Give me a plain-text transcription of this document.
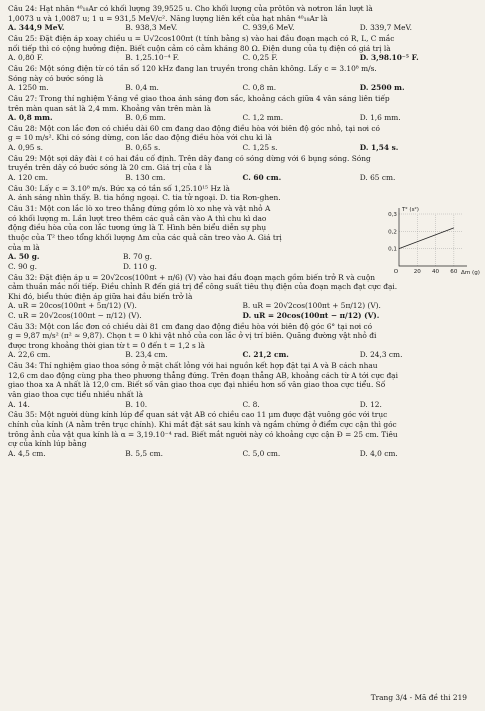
Câu 24: Hạt nhân ⁴⁰₁₈Ar có khối lượng 39,9525 u. Cho khối lượng của prôtôn và nơtron lần lượt là
1,0073 u và 1,0087 u; 1 u = 931,5 MeV/c². Năng lượng liên kết của hạt nhân ⁴⁰₁₈Ar là
A. 344,9 MeV.	B. 938,3 MeV.	C. 939,6 MeV.	D. 339,7 MeV.
Câu 25: Đặt điện áp xoay chiều u = U√2cos100πt (t tính bằng s) vào hai đầu đoạn mạch có R, L, C mắc
nối tiếp thì có cộng hưởng điện. Biết cuộn cảm có cảm kháng 80 Ω. Điện dung của tụ điện có giá trị là
A. 0,80 F.	B. 1,25.10⁻⁴ F.	C. 0,25 F.	D. 3,98.10⁻⁵ F.
Câu 26: Một sóng điện từ có tần số 120 kHz đang lan truyền trong chân không. Lấy c = 3.10⁸ m/s.
Sóng này có bước sóng là
A. 1250 m.	B. 0,4 m.	C. 0,8 m.	D. 2500 m.
Câu 27: Trong thí nghiệm Y-âng về giao thoa ánh sáng đơn sắc, khoảng cách giữa 4 vân sáng liên tiếp
trên màn quan sát là 2,4 mm. Khoảng vân trên màn là
A. 0,8 mm.	B. 0,6 mm.	C. 1,2 mm.	D. 1,6 mm.
Câu 28: Một con lắc đơn có chiều dài 60 cm đang dao động điều hòa với biên độ góc nhỏ, tại nơi có
g = 10 m/s². Khi có sóng dừng, con lắc dao động điều hòa với chu kì là
A. 0,95 s.	B. 0,65 s.	C. 1,25 s.	D. 1,54 s.
Câu 29: Một sợi dây đài ℓ có hai đầu cố định. Trên dây đang có sóng dừng với 6 bụng sóng. Sóng
truyền trên dây có bước sóng là 20 cm. Giá trị của ℓ là
A. 120 cm.	B. 130 cm.	C. 60 cm.	D. 65 cm.
Câu 30: Lấy c = 3.10⁸ m/s. Bức xạ có tần số 1,25.10¹⁵ Hz là
A. ánh sáng nhìn thấy. B. tia hồng ngoại. C. tia tử ngoại. D. tia Rơn-ghen.
Câu 31: Một con lắc lò xo treo thẳng đứng gồm lò xo nhẹ và vật nhỏ A
có khối lượng m. Lần lượt treo thêm các quả cân vào A thì chu kì dao
động điều hòa của con lắc tương ứng là T. Hình bên biểu diễn sự phụ
thuộc của T² theo tổng khối lượng Δm của các quả cân treo vào A. Giá trị
của m là
A. 50 g.	B. 70 g.
C. 90 g.	D. 110 g.
T² (s²)
Δm (g)
0,3
0,2
0,1
O	20 40 60
Câu 32: Đặt điện áp u = 20√2cos(100πt + π/6) (V) vào hai đầu đoạn mạch gồm biến trở R và cuộn
cảm thuần mắc nối tiếp. Điều chỉnh R đến giá trị để công suất tiêu thụ điện của đoạn mạch đạt cực đại.
Khi đó, biểu thức điện áp giữa hai đầu biến trở là
A. uR = 20cos(100πt + 5π/12) (V).	B. uR = 20√2cos(100πt + 5π/12) (V).
C. uR = 20√2cos(100πt − π/12) (V).	D. uR = 20cos(100πt − π/12) (V).
Câu 33: Một con lắc đơn có chiều dài 81 cm đang dao động điều hòa với biên độ góc 6° tại nơi có
g = 9,87 m/s² (π² ≈ 9,87). Chọn t = 0 khi vật nhỏ của con lắc ở vị trí biên. Quãng đường vật nhỏ đi
được trong khoảng thời gian từ t = 0 đến t = 1,2 s là
A. 22,6 cm.	B. 23,4 cm.	C. 21,2 cm.	D. 24,3 cm.
Câu 34: Thí nghiệm giao thoa sóng ở mặt chất lỏng với hai nguồn kết hợp đặt tại A và B cách nhau
12,6 cm dao động cùng pha theo phương thẳng đứng. Trên đoạn thẳng AB, khoảng cách từ A tới cực đại
giao thoa xa A nhất là 12,0 cm. Biết số vân giao thoa cực đại nhiều hơn số vân giao thoa cực tiểu. Số
vân giao thoa cực tiểu nhiều nhất là
A. 14.	B. 10.	C. 8.	D. 12.
Câu 35: Một người dùng kính lúp để quan sát vật AB có chiều cao 11 μm được đặt vuông góc với trục
chính của kính (A nằm trên trục chính). Khi mắt đặt sát sau kính và ngắm chừng ở điểm cực cận thì góc
trông ảnh của vật qua kính là α = 3,19.10⁻⁴ rad. Biết mắt người này có khoảng cực cận Đ = 25 cm. Tiêu
cự của kính lúp bằng
A. 4,5 cm.	B. 5,5 cm.	C. 5,0 cm.	D. 4,0 cm.
Trang 3/4 - Mã đề thi 219
